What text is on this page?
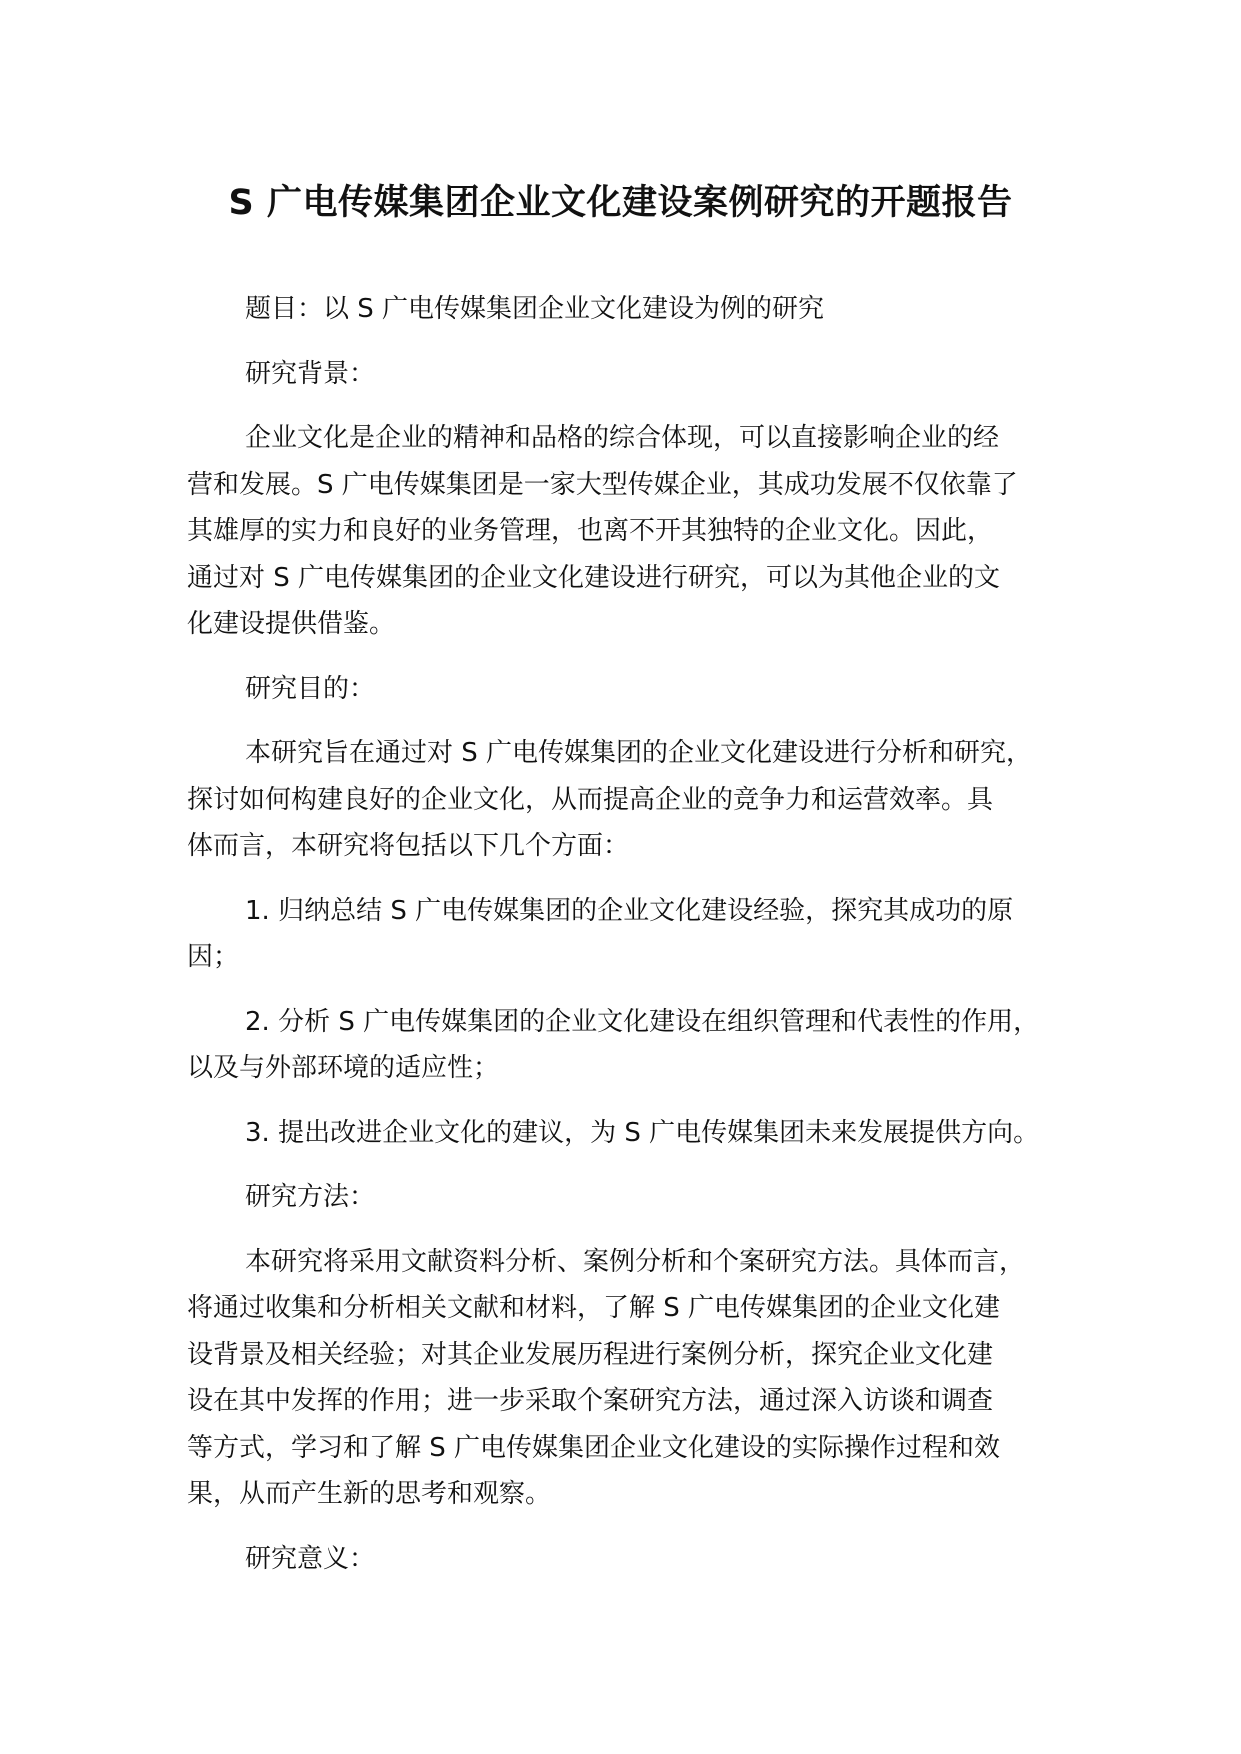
S 广电传媒集团企业文化建设案例研究的开题报告

题目：以 S 广电传媒集团企业文化建设为例的研究

研究背景：

企业文化是企业的精神和品格的综合体现，可以直接影响企业的经
营和发展。S 广电传媒集团是一家大型传媒企业，其成功发展不仅依靠了
其雄厚的实力和良好的业务管理，也离不开其独特的企业文化。因此，
通过对 S 广电传媒集团的企业文化建设进行研究，可以为其他企业的文
化建设提供借鉴。

研究目的：

本研究旨在通过对 S 广电传媒集团的企业文化建设进行分析和研究，
探讨如何构建良好的企业文化，从而提高企业的竞争力和运营效率。具
体而言，本研究将包括以下几个方面：
1. 归纳总结 S 广电传媒集团的企业文化建设经验，探究其成功的原
因；
2. 分析 S 广电传媒集团的企业文化建设在组织管理和代表性的作用，
以及与外部环境的适应性；

3. 提出改进企业文化的建议，为 S 广电传媒集团未来发展提供方向。

研究方法：

本研究将采用文献资料分析、案例分析和个案研究方法。具体而言，
将通过收集和分析相关文献和材料，了解 S 广电传媒集团的企业文化建
设背景及相关经验；对其企业发展历程进行案例分析，探究企业文化建
设在其中发挥的作用；进一步采取个案研究方法，通过深入访谈和调查
等方式，学习和了解 S 广电传媒集团企业文化建设的实际操作过程和效
果，从而产生新的思考和观察。

研究意义：
